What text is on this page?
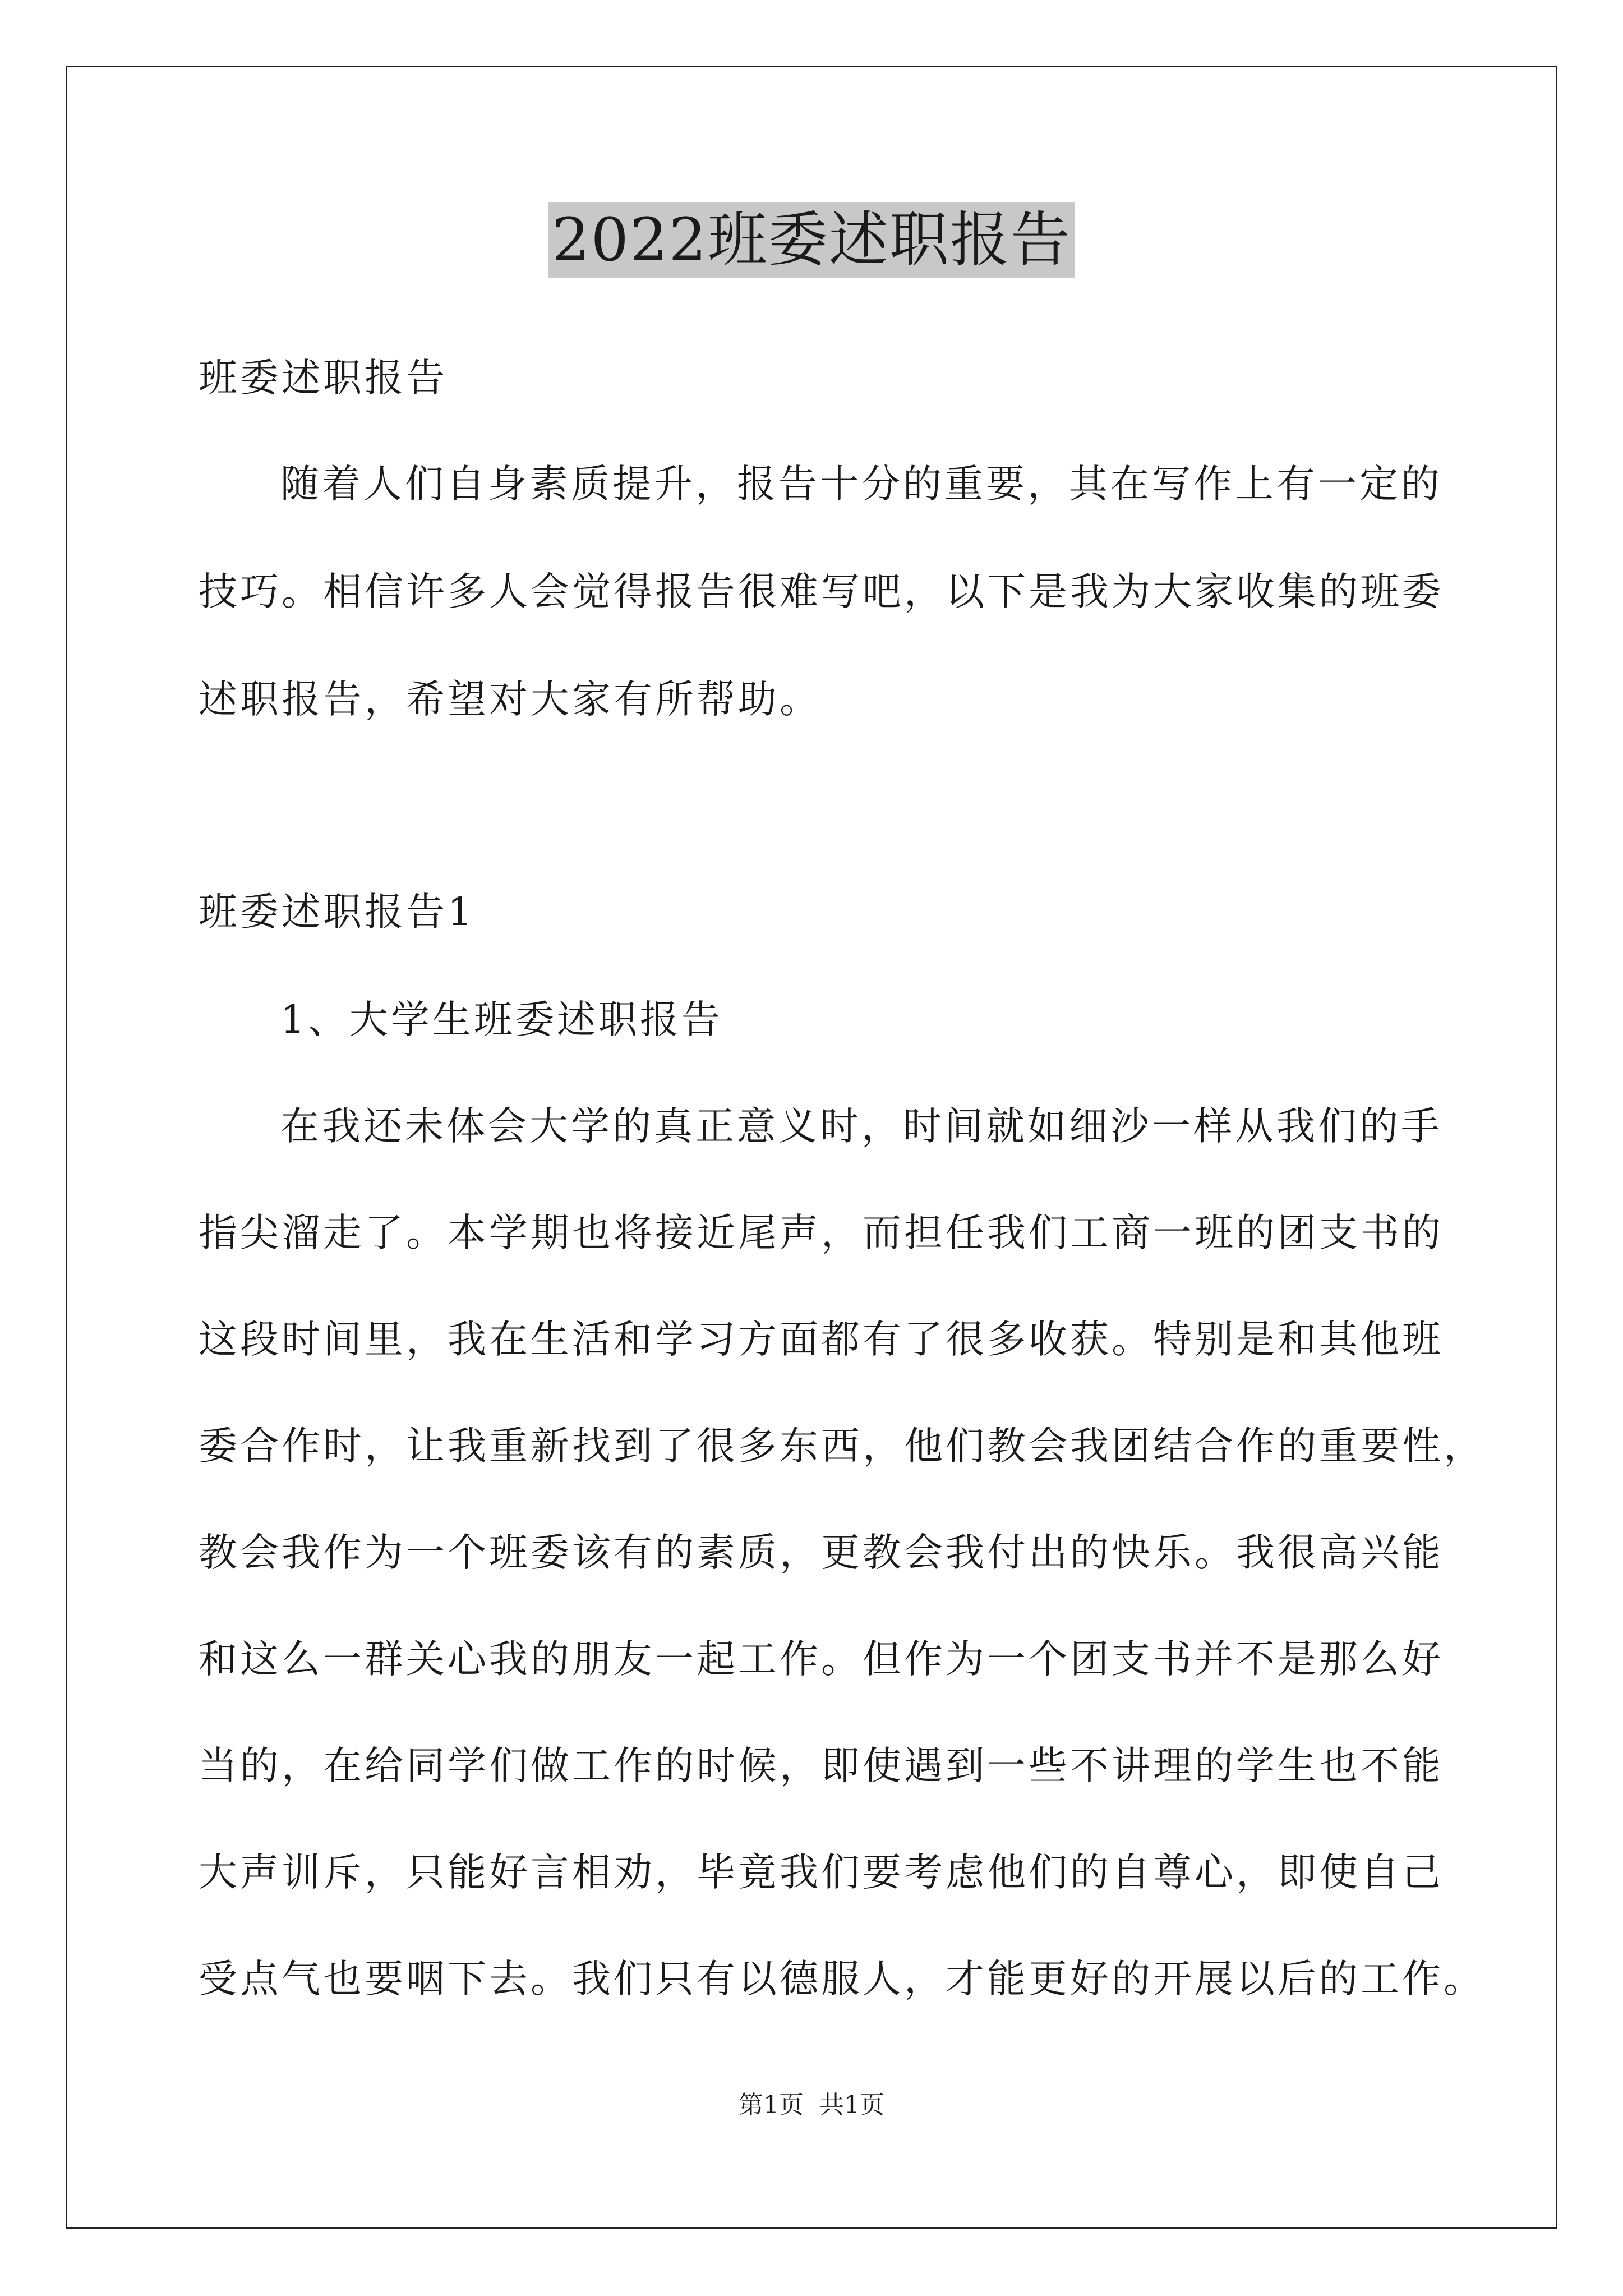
2022班委述职报告
班委述职报告
随着人们自身素质提升，报告十分的重要，其在写作上有一定的
技巧。相信许多人会觉得报告很难写吧，以下是我为大家收集的班委
述职报告，希望对大家有所帮助。
班委述职报告1
1、大学生班委述职报告
在我还未体会大学的真正意义时，时间就如细沙一样从我们的手
指尖溜走了。本学期也将接近尾声，而担任我们工商一班的团支书的
这段时间里，我在生活和学习方面都有了很多收获。特别是和其他班
委合作时，让我重新找到了很多东西，他们教会我团结合作的重要性，
教会我作为一个班委该有的素质，更教会我付出的快乐。我很高兴能
和这么一群关心我的朋友一起工作。但作为一个团支书并不是那么好
当的，在给同学们做工作的时候，即使遇到一些不讲理的学生也不能
大声训斥，只能好言相劝，毕竟我们要考虑他们的自尊心，即使自己
受点气也要咽下去。我们只有以德服人，才能更好的开展以后的工作。
第1页 共1页
